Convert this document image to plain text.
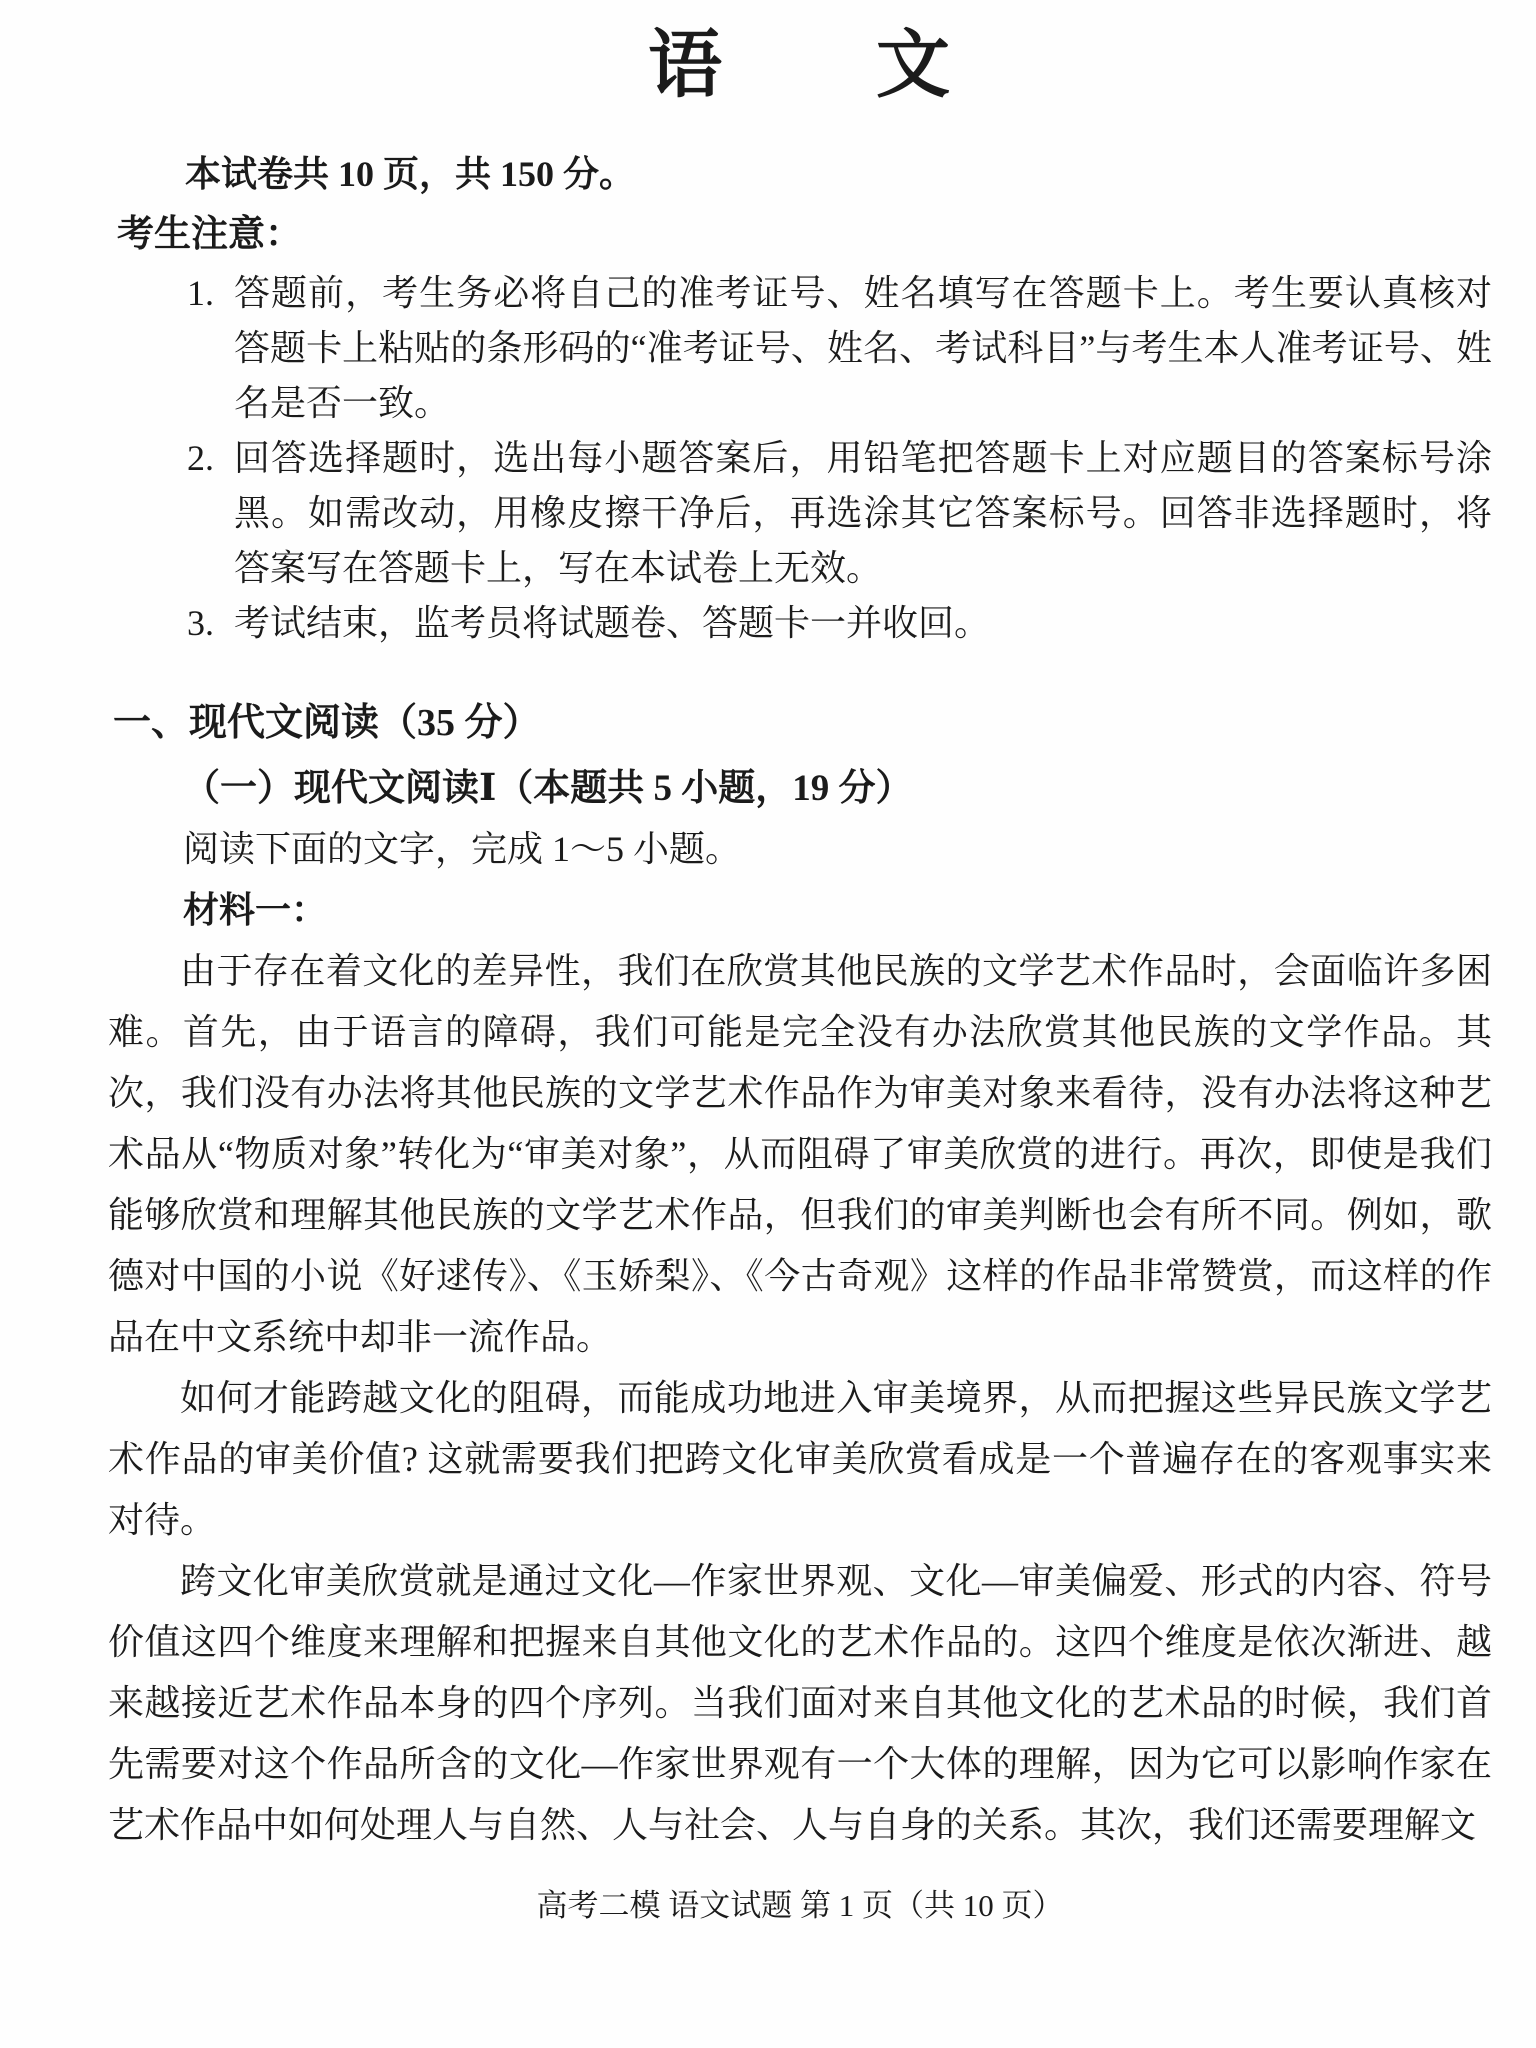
语　　文

本试卷共 10 页，共 150 分。

考生注意：
1. 答题前，考生务必将自己的准考证号、姓名填写在答题卡上。考生要认真核对答题卡上粘贴的条形码的“准考证号、姓名、考试科目”与考生本人准考证号、姓名是否一致。
2. 回答选择题时，选出每小题答案后，用铅笔把答题卡上对应题目的答案标号涂黑。如需改动，用橡皮擦干净后，再选涂其它答案标号。回答非选择题时，将答案写在答题卡上，写在本试卷上无效。
3. 考试结束，监考员将试题卷、答题卡一并收回。
一、现代文阅读（35 分）
（一）现代文阅读Ⅰ（本题共 5 小题，19 分）
阅读下面的文字，完成 1～5 小题。
材料一：

由于存在着文化的差异性，我们在欣赏其他民族的文学艺术作品时，会面临许多困难。首先，由于语言的障碍，我们可能是完全没有办法欣赏其他民族的文学作品。其次，我们没有办法将其他民族的文学艺术作品作为审美对象来看待，没有办法将这种艺术品从“物质对象”转化为“审美对象”，从而阻碍了审美欣赏的进行。再次，即使是我们能够欣赏和理解其他民族的文学艺术作品，但我们的审美判断也会有所不同。例如，歌德对中国的小说《好逑传》、《玉娇梨》、《今古奇观》这样的作品非常赞赏，而这样的作品在中文系统中却非一流作品。

如何才能跨越文化的阻碍，而能成功地进入审美境界，从而把握这些异民族文学艺术作品的审美价值? 这就需要我们把跨文化审美欣赏看成是一个普遍存在的客观事实来对待。

跨文化审美欣赏就是通过文化—作家世界观、文化—审美偏爱、形式的内容、符号价值这四个维度来理解和把握来自其他文化的艺术作品的。这四个维度是依次渐进、越来越接近艺术作品本身的四个序列。当我们面对来自其他文化的艺术品的时候，我们首先需要对这个作品所含的文化—作家世界观有一个大体的理解，因为它可以影响作家在艺术作品中如何处理人与自然、人与社会、人与自身的关系。其次，我们还需要理解文

高考二模 语文试题 第 1 页（共 10 页）
